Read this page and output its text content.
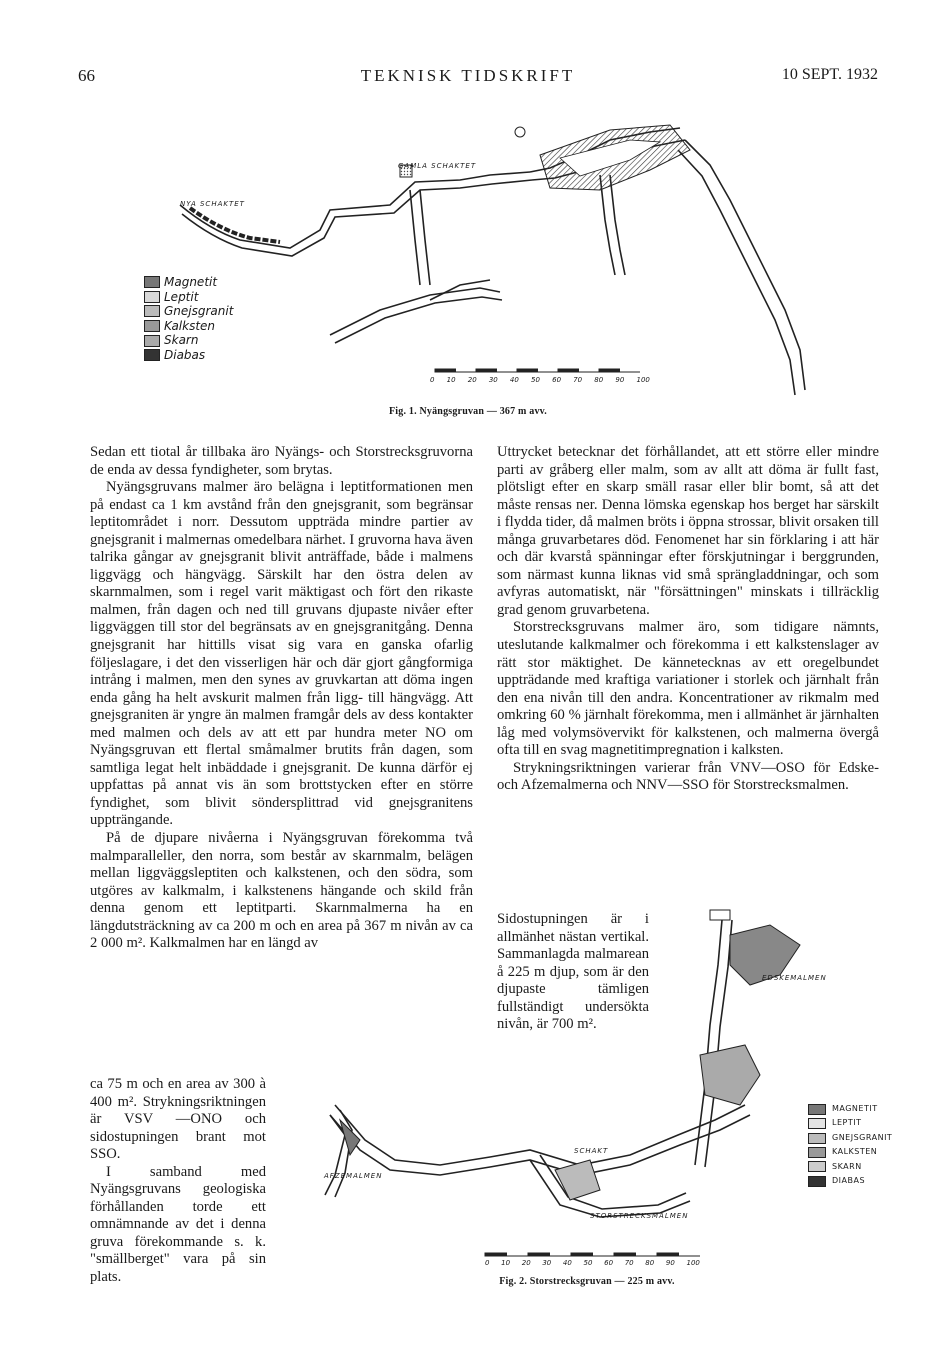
66	TEKNISK TIDSKRIFT	10 SEPT. 1932
GAMLA SCHAKTET
NYA SCHAKTET
0 10 20 30 40 50 60 70 80 90 100
Magnetit
Leptit
Gnejsgranit
Kalksten
Skarn
Diabas
Fig. 1. Nyängsgruvan — 367 m avv.

Sedan ett tiotal år tillbaka äro Nyängs- och Storstrecksgruvorna de enda av dessa fyndigheter, som brytas.

Nyängsgruvans malmer äro belägna i leptitformationen men på endast ca 1 km avstånd från den gnejsgranit, som begränsar leptitområdet i norr. Dessutom uppträda mindre partier av gnejsgranit i malmernas omedelbara närhet. I gruvorna hava även talrika gångar av gnejsgranit blivit anträffade, både i malmens liggvägg och hängvägg. Särskilt har den östra delen av skarnmalmen, som i regel varit mäktigast och fört den rikaste malmen, från dagen och ned till gruvans djupaste nivåer efter liggväggen till stor del begränsats av en gnejsgranitgång. Denna gnejsgranit har hittills visat sig vara en ganska ofarlig följeslagare, i det den visserligen här och där gjort gångformiga intrång i malmen, men den synes av gruvkartan att döma ingen enda gång ha helt avskurit malmen från ligg- till hängvägg. Att gnejsgraniten är yngre än malmen framgår dels av dess kontakter med malmen och dels av att ett par hundra meter NO om Nyängsgruvan ett flertal småmalmer brutits från dagen, som samtliga legat helt inbäddade i gnejsgranit. De kunna därför ej uppfattas på annat vis än som brottstycken efter en större fyndighet, som blivit söndersplittrad vid gnejsgranitens uppträngande.

På de djupare nivåerna i Nyängsgruvan förekomma två malmparalleller, den norra, som består av skarnmalm, belägen mellan liggväggsleptiten och kalkstenen, och den södra, som utgöres av kalkmalm, i kalkstenens hängande och skild från denna genom ett leptitparti. Skarnmalmerna ha en längdutsträckning av ca 200 m och en area på 367 m nivån av ca 2 000 m². Kalkmalmen har en längd av

ca 75 m och en area av 300 à 400 m². Strykningsriktningen är VSV —ONO och sidostupningen brant mot SSO.

I samband med Nyängsgruvans geologiska förhållanden torde ett omnämnande av det i denna gruva förekommande s. k. "smällberget" vara på sin plats.

Uttrycket betecknar det förhållandet, att ett större eller mindre parti av gråberg eller malm, som av allt att döma är fullt fast, plötsligt efter en skarp smäll rasar eller blir bomt, så att det måste rensas ner. Denna lömska egenskap hos berget har särskilt i flydda tider, då malmen bröts i öppna strossar, blivit orsaken till många gruvarbetares död. Fenomenet har sin förklaring i att här och där kvarstå spänningar efter förskjutningar i berggrunden, som närmast kunna liknas vid små sprängladdningar, och som avfyras automatiskt, när "försättningen" minskats i tillräcklig grad genom gruvarbetena.

Storstrecksgruvans malmer äro, som tidigare nämnts, uteslutande kalkmalmer och förekomma i ett kalkstenslager av rätt stor mäktighet. De kännetecknas av ett oregelbundet uppträdande med kraftiga variationer i storlek och järnhalt från den ena nivån till den andra. Koncentrationer av rikmalm med omkring 60 % järnhalt förekomma, men i allmänhet är järnhalten låg med volymsövervikt för kalkstenen, och malmerna övergå ofta till en svag magnetitimpregnation i kalksten.

Strykningsriktningen varierar från VNV—OSO för Edske- och Afzemalmerna och NNV—SSO för Storstrecksmalmen.

Sidostupningen är i allmänhet nästan vertikal. Sammanlagda malmarean å 225 m djup, som är den djupaste tämligen fullständigt undersökta nivån, är 700 m².

EDSKEMALMEN
AFZEMALMEN
SCHAKT
STORSTRECKSMALMEN
0 10 20 30 40 50 60 70 80 90 100
MAGNETIT
LEPTIT
GNEJSGRANIT
KALKSTEN
SKARN
DIABAS
Fig. 2. Storstrecksgruvan — 225 m avv.
